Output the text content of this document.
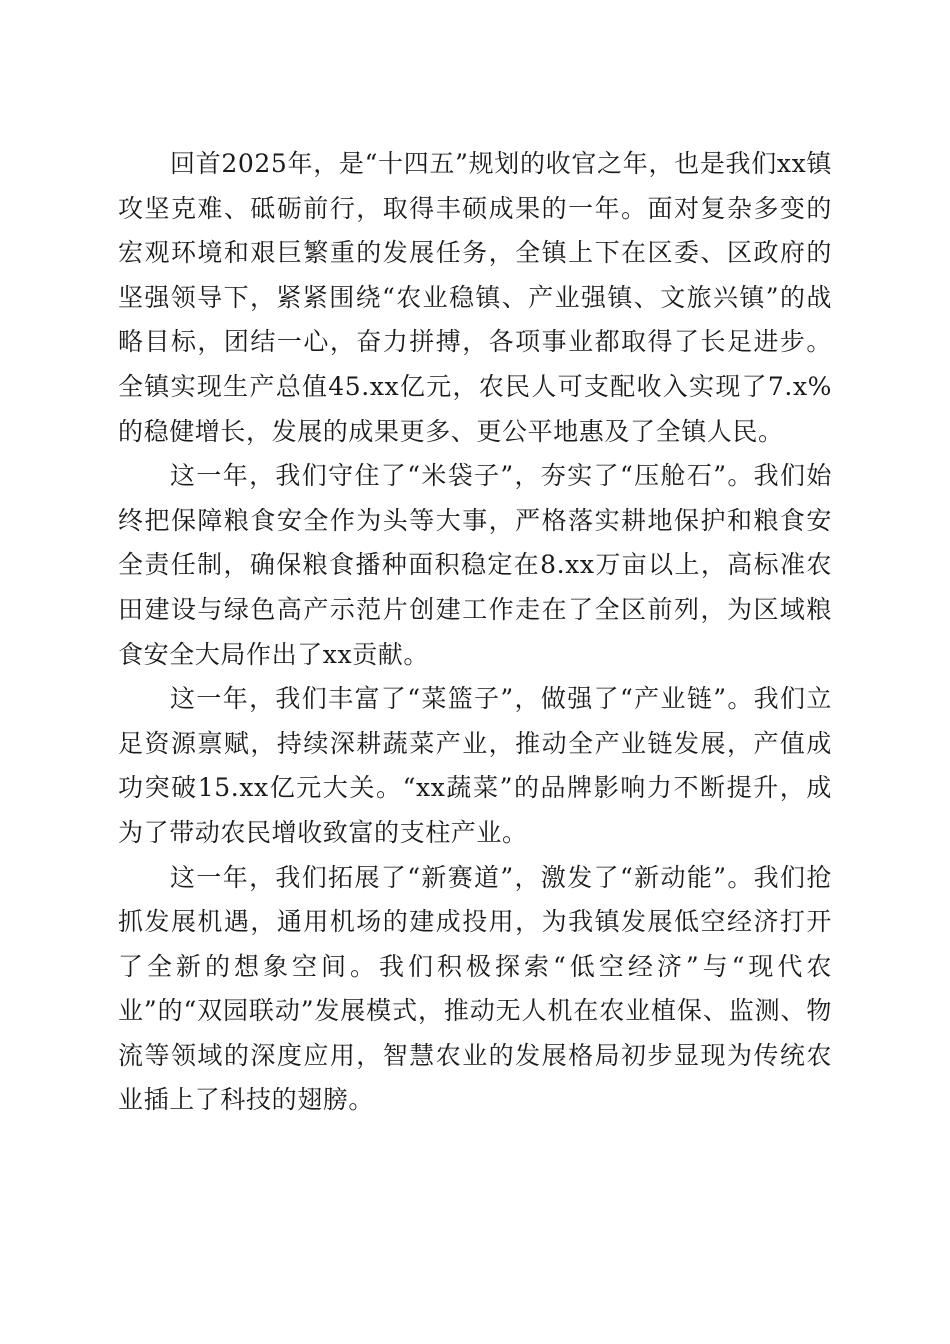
回首2025年，是“十四五”规划的收官之年，也是我们xx镇攻坚克难、砥砺前行，取得丰硕成果的一年。面对复杂多变的宏观环境和艰巨繁重的发展任务，全镇上下在区委、区政府的坚强领导下，紧紧围绕“农业稳镇、产业强镇、文旅兴镇”的战略目标，团结一心，奋力拼搏，各项事业都取得了长足进步。全镇实现生产总值45.xx亿元，农民人可支配收入实现了7.x%的稳健增长，发展的成果更多、更公平地惠及了全镇人民。

这一年，我们守住了“米袋子”，夯实了“压舱石”。我们始终把保障粮食安全作为头等大事，严格落实耕地保护和粮食安全责任制，确保粮食播种面积稳定在8.xx万亩以上，高标准农田建设与绿色高产示范片创建工作走在了全区前列，为区域粮食安全大局作出了xx贡献。

这一年，我们丰富了“菜篮子”，做强了“产业链”。我们立足资源禀赋，持续深耕蔬菜产业，推动全产业链发展，产值成功突破15.xx亿元大关。“xx蔬菜”的品牌影响力不断提升，成为了带动农民增收致富的支柱产业。

这一年，我们拓展了“新赛道”，激发了“新动能”。我们抢抓发展机遇，通用机场的建成投用，为我镇发展低空经济打开了全新的想象空间。我们积极探索“低空经济”与“现代农业”的“双园联动”发展模式，推动无人机在农业植保、监测、物流等领域的深度应用，智慧农业的发展格局初步显现为传统农业插上了科技的翅膀。
